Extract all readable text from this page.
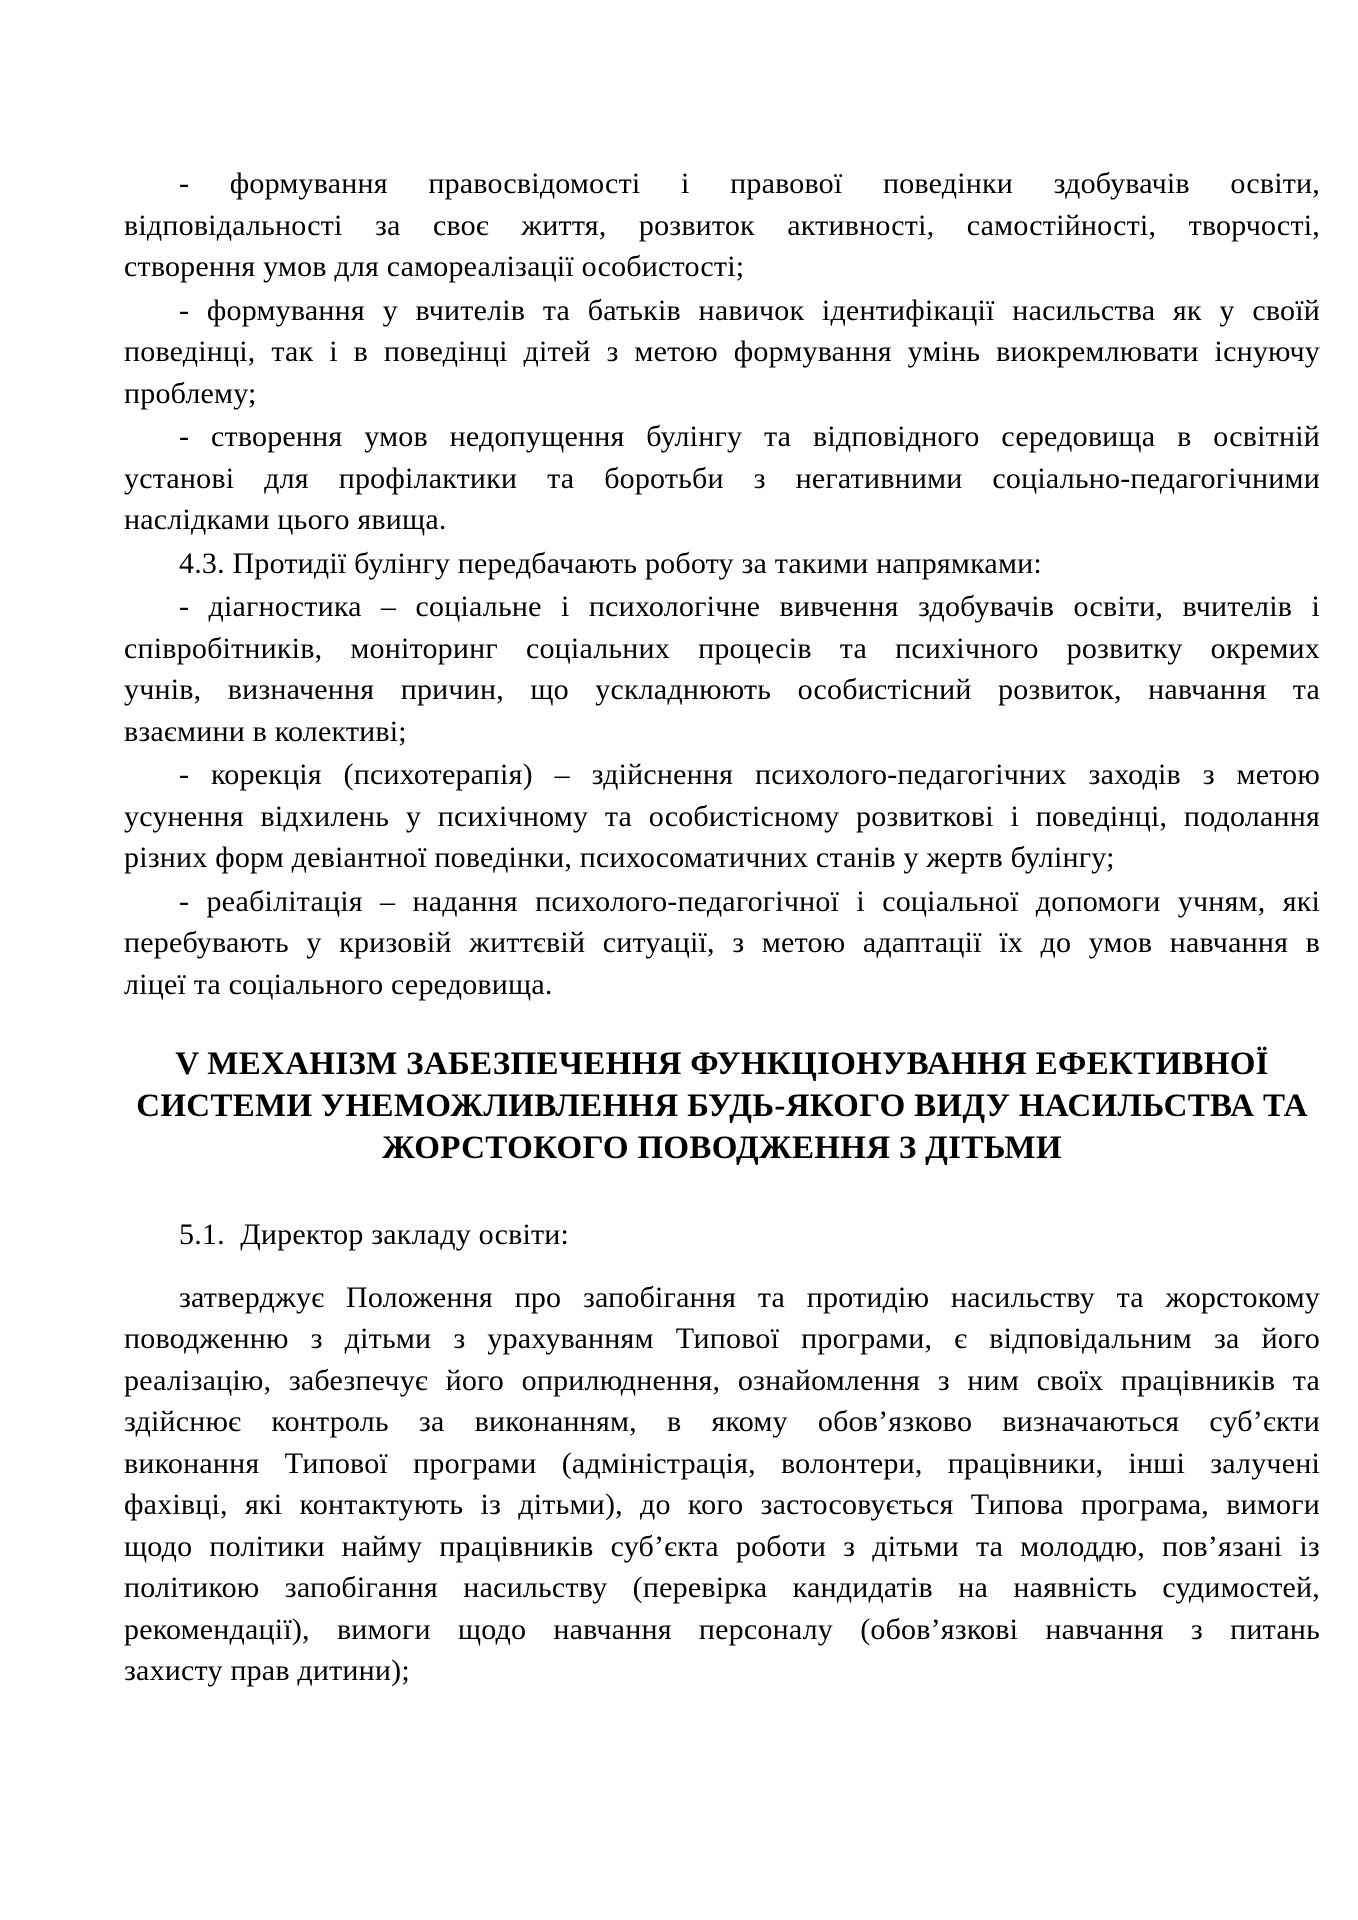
- формування правосвідомості і правової поведінки здобувачів освіти,
відповідальності за своє життя, розвиток активності, самостійності, творчості,
створення умов для самореалізації особистості;
- формування у вчителів та батьків навичок ідентифікації насильства як у своїй
поведінці, так і в поведінці дітей з метою формування умінь виокремлювати існуючу
проблему;
- створення умов недопущення булінгу та відповідного середовища в освітній
установі для профілактики та боротьби з негативними соціально-педагогічними
наслідками цього явища.
4.3. Протидії булінгу передбачають роботу за такими напрямками:
- діагностика – соціальне і психологічне вивчення здобувачів освіти, вчителів і
співробітників, моніторинг соціальних процесів та психічного розвитку окремих
учнів, визначення причин, що ускладнюють особистісний розвиток, навчання та
взаємини в колективі;
- корекція (психотерапія) – здійснення психолого-педагогічних заходів з метою
усунення відхилень у психічному та особистісному розвиткові і поведінці, подолання
різних форм девіантної поведінки, психосоматичних станів у жертв булінгу;
- реабілітація – надання психолого-педагогічної і соціальної допомоги учням, які
перебувають у кризовій життєвій ситуації, з метою адаптації їх до умов навчання в
ліцеї та соціального середовища.
V МЕХАНІЗМ ЗАБЕЗПЕЧЕННЯ ФУНКЦІОНУВАННЯ ЕФЕКТИВНОЇ
СИСТЕМИ УНЕМОЖЛИВЛЕННЯ БУДЬ-ЯКОГО ВИДУ НАСИЛЬСТВА ТА
ЖОРСТОКОГО ПОВОДЖЕННЯ З ДІТЬМИ
5.1.  Директор закладу освіти:
затверджує Положення про запобігання та протидію насильству та жорстокому
поводженню з дітьми з урахуванням Типової програми, є відповідальним за його
реалізацію, забезпечує його оприлюднення, ознайомлення з ним своїх працівників та
здійснює контроль за виконанням, в якому обов’язково визначаються суб’єкти
виконання Типової програми (адміністрація, волонтери, працівники, інші залучені
фахівці, які контактують із дітьми), до кого застосовується Типова програма, вимоги
щодо політики найму працівників суб’єкта роботи з дітьми та молоддю, пов’язані із
політикою запобігання насильству (перевірка кандидатів на наявність судимостей,
рекомендації), вимоги щодо навчання персоналу (обов’язкові навчання з питань
захисту прав дитини);
